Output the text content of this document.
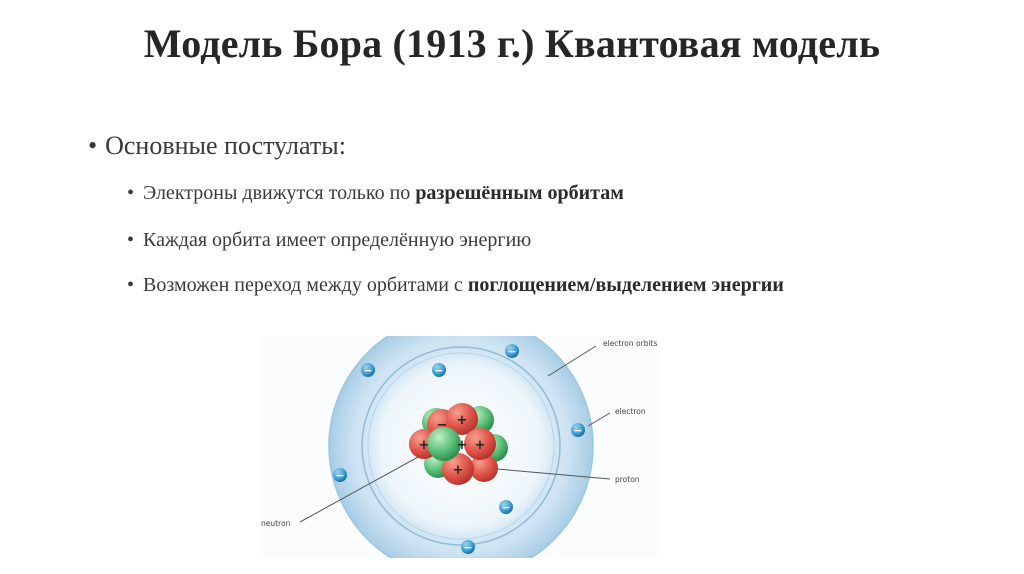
Модель Бора (1913 г.) Квантовая модель
• Основные постулаты:
• Электроны движутся только по разрешённым орбитам
• Каждая орбита имеет определённую энергию
• Возможен переход между орбитами с поглощением/выделением энергии
+
−
+ + +
+
−
−	−
−
−
−
−
electron orbits
electron
proton
neutron
